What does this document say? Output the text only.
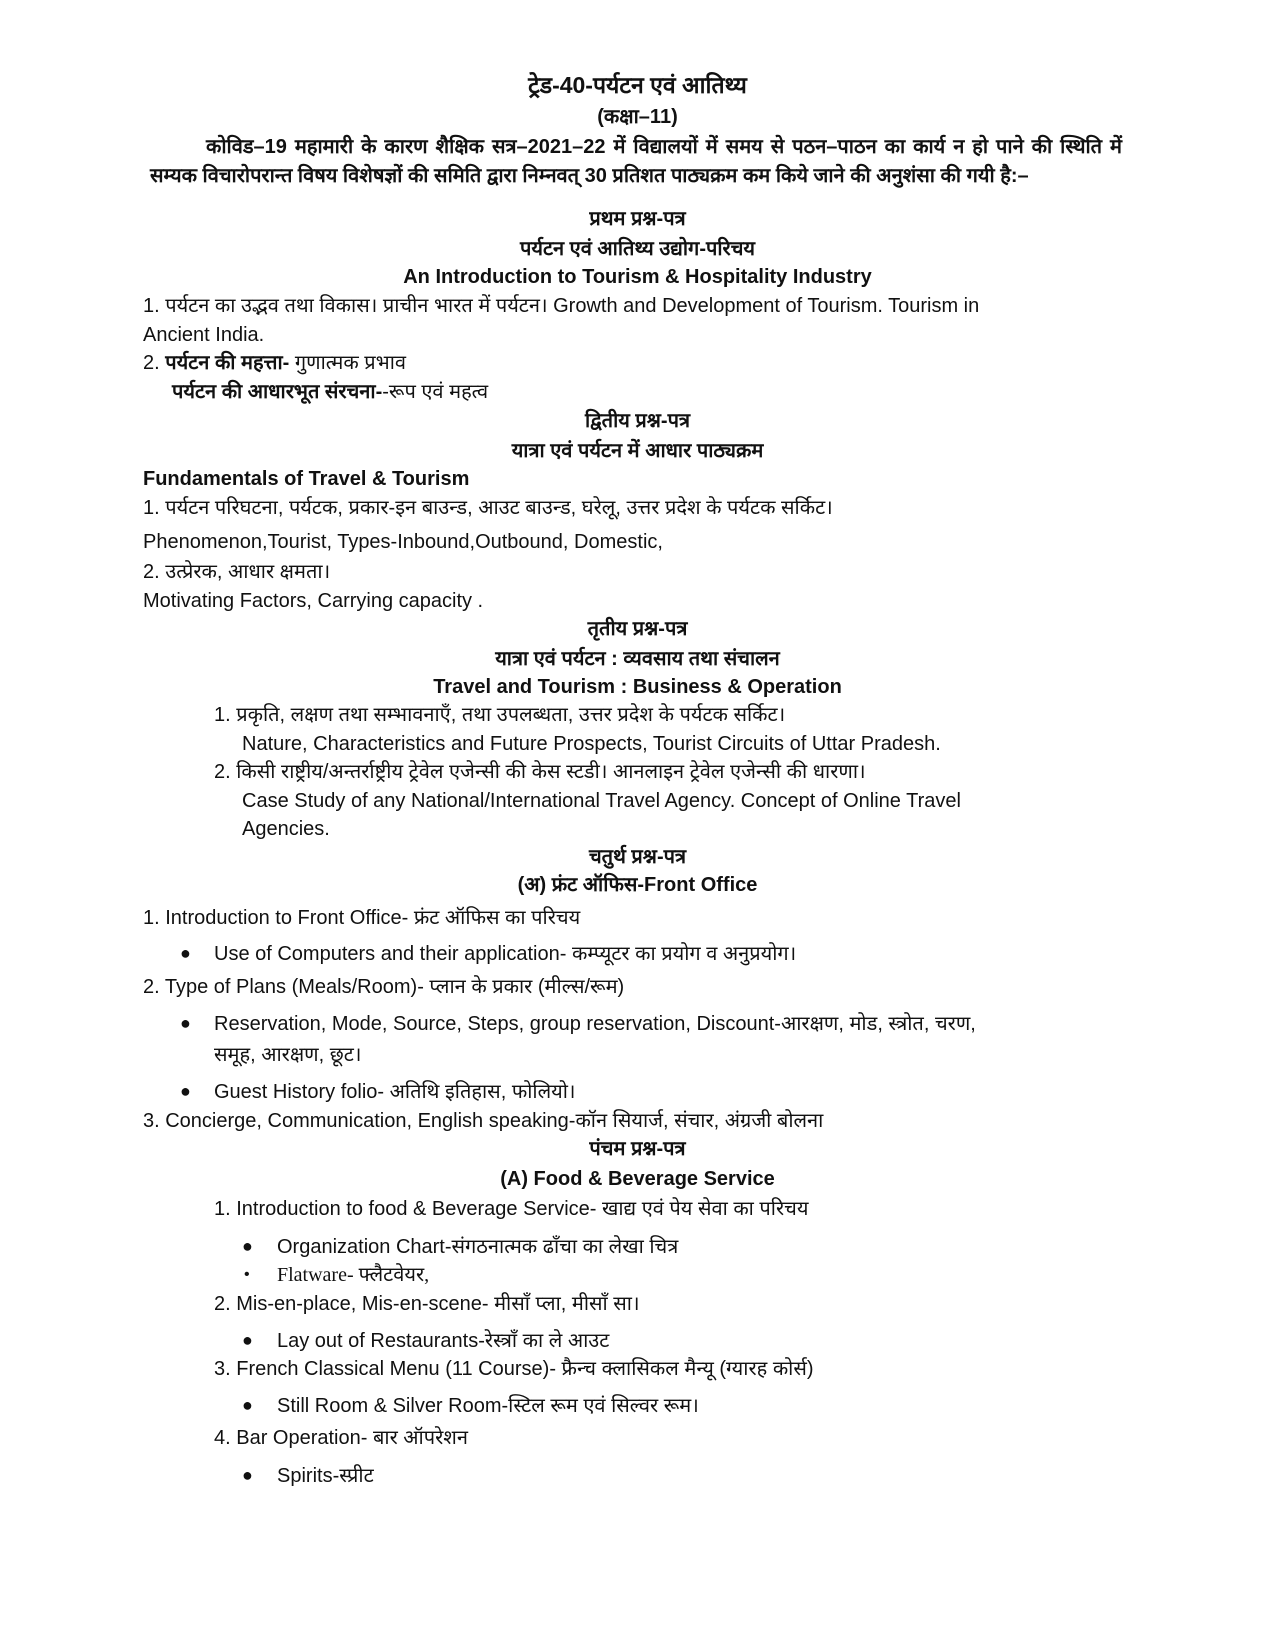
ट्रेड-40-पर्यटन एवं आतिथ्य
(कक्षा–11)
कोविड–19 महामारी के कारण शैक्षिक सत्र–2021–22 में विद्यालयों में समय से पठन–पाठन का कार्य न हो पाने की स्थिति में सम्यक विचारोपरान्त विषय विशेषज्ञों की समिति द्वारा निम्नवत् 30 प्रतिशत पाठ्यक्रम कम किये जाने की अनुशंसा की गयी है:–
प्रथम प्रश्न-पत्र
पर्यटन एवं आतिथ्य उद्योग-परिचय
An Introduction to Tourism & Hospitality Industry
1. पर्यटन का उद्भव तथा विकास। प्राचीन भारत में पर्यटन। Growth and Development of Tourism. Tourism in
Ancient India.
2. पर्यटन की महत्ता- गुणात्मक प्रभाव
पर्यटन की आधारभूत संरचना--रूप एवं महत्व
द्वितीय प्रश्न-पत्र
यात्रा एवं पर्यटन में आधार पाठ्यक्रम
Fundamentals of Travel & Tourism
1. पर्यटन परिघटना, पर्यटक, प्रकार-इन बाउन्ड, आउट बाउन्ड, घरेलू, उत्तर प्रदेश के पर्यटक सर्किट।
Phenomenon,Tourist, Types-Inbound,Outbound, Domestic,
2. उत्प्रेरक, आधार क्षमता।
Motivating Factors, Carrying capacity .
तृतीय प्रश्न-पत्र
यात्रा एवं पर्यटन : व्यवसाय तथा संचालन
Travel and Tourism : Business & Operation
1. प्रकृति, लक्षण तथा सम्भावनाएँ, तथा उपलब्धता, उत्तर प्रदेश के पर्यटक सर्किट।
Nature, Characteristics and Future Prospects, Tourist Circuits of Uttar Pradesh.
2. किसी राष्ट्रीय/अन्तर्राष्ट्रीय ट्रेवेल एजेन्सी की केस स्टडी। आनलाइन ट्रेवेल एजेन्सी की धारणा।
Case Study of any National/International Travel Agency. Concept of Online Travel
Agencies.
चतुर्थ प्रश्न-पत्र
(अ) फ्रंट ऑफिस-Front Office
1. Introduction to Front Office- फ्रंट ऑफिस का परिचय
● Use of Computers and their application- कम्प्यूटर का प्रयोग व अनुप्रयोग।
2. Type of Plans (Meals/Room)- प्लान के प्रकार (मील्स/रूम)
● Reservation, Mode, Source, Steps, group reservation, Discount-आरक्षण, मोड, स्त्रोत, चरण,
समूह, आरक्षण, छूट।
● Guest History folio- अतिथि इतिहास, फोलियो।
3. Concierge, Communication, English speaking-कॉन सियार्ज, संचार, अंग्रजी बोलना
पंचम प्रश्न-पत्र
(A) Food & Beverage Service
1. Introduction to food & Beverage Service- खाद्य एवं पेय सेवा का परिचय
● Organization Chart-संगठनात्मक ढाँचा का लेखा चित्र
• Flatware- फ्लैटवेयर,
2. Mis-en-place, Mis-en-scene- मीसाँ प्ला, मीसाँ सा।
● Lay out of Restaurants-रेस्त्राँ का ले आउट
3. French Classical Menu (11 Course)- फ्रैन्च क्लासिकल मैन्यू (ग्यारह कोर्स)
● Still Room & Silver Room-स्टिल रूम एवं सिल्वर रूम।
4. Bar Operation- बार ऑपरेशन
● Spirits-स्प्रीट
